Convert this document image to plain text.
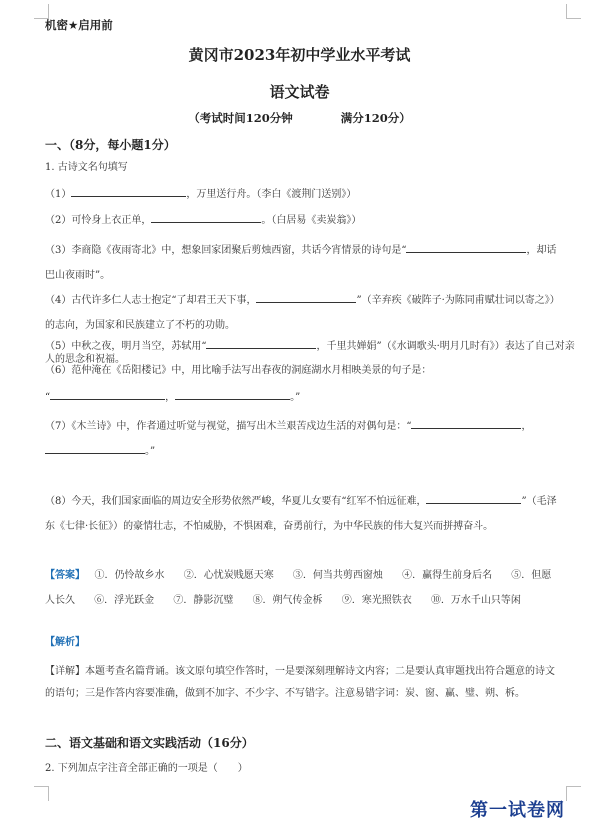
机密★启用前
黄冈市2023年初中学业水平考试
语文试卷
（考试时间120分钟	满分120分）
一、（8分，每小题1分）
1. 古诗文名句填写
（1）	，万里送行舟。（李白《渡荆门送别》）
（2）可怜身上衣正单，	。（白居易《卖炭翁》）
（3）李商隐《夜雨寄北》中，想象回家团聚后剪烛西窗，共话今宵情景的诗句是“	，却话巴山夜雨时”。
（4）古代许多仁人志士抱定“了却君王天下事，	”（辛弃疾《破阵子·为陈同甫赋壮词以寄之》）的志向，为国家和民族建立了不朽的功勋。
（5）中秋之夜，明月当空，苏轼用“	，千里共婵娟”（《水调歌头·明月几时有》）表达了自己对亲人的思念和祝福。
（6）范仲淹在《岳阳楼记》中，用比喻手法写出春夜的洞庭湖水月相映美景的句子是：
“	，	。”
（7）《木兰诗》中，作者通过听觉与视觉，描写出木兰艰苦戍边生活的对偶句是：“	，。”
（8）今天，我们国家面临的周边安全形势依然严峻，华夏儿女要有“红军不怕远征难，	”（毛泽东《七律·长征》）的豪情壮志，不怕威胁，不惧困难，奋勇前行，为中华民族的伟大复兴而拼搏奋斗。
【答案】 ①．仍怜故乡水 ②．心忧炭贱愿天寒 ③．何当共剪西窗烛 ④．赢得生前身后名 ⑤．但愿人长久 ⑥．浮光跃金 ⑦．静影沉璧 ⑧．朔气传金柝 ⑨．寒光照铁衣 ⑩．万水千山只等闲
【解析】
【详解】本题考查名篇背诵。该文原句填空作答时，一是要深刻理解诗文内容；二是要认真审题找出符合题意的诗文的语句；三是作答内容要准确，做到不加字、不少字、不写错字。注意易错字词：炭、窗、赢、璧、朔、柝。
二、语文基础和语文实践活动（16分）
2. 下列加点字注音全部正确的一项是（　　）
第一试卷网
